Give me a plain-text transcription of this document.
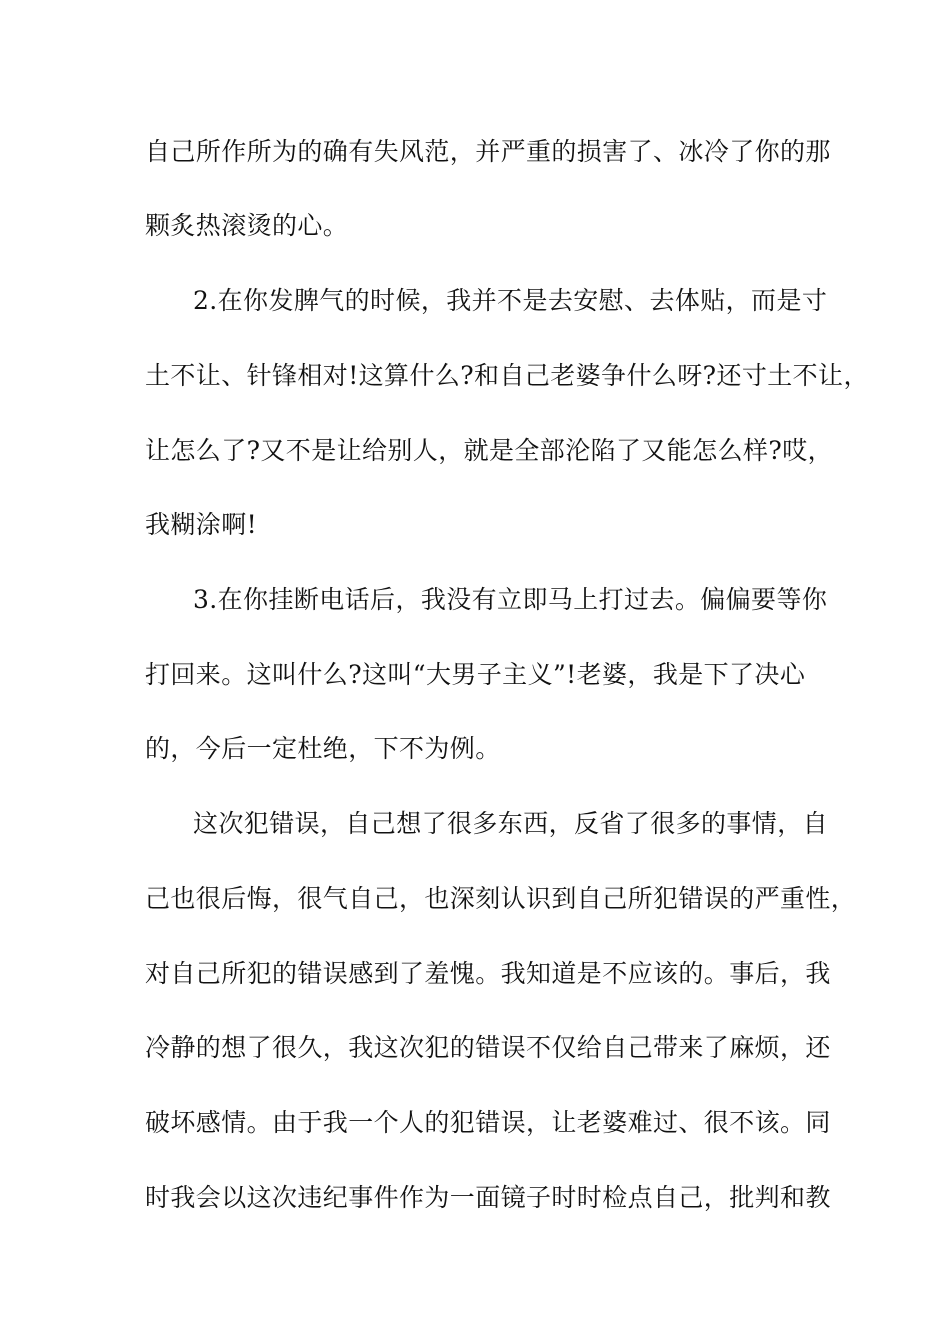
自己所作所为的确有失风范，并严重的损害了、冰冷了你的那
颗炙热滚烫的心。
2.在你发脾气的时候，我并不是去安慰、去体贴，而是寸
土不让、针锋相对!这算什么?和自己老婆争什么呀?还寸土不让，
让怎么了?又不是让给别人，就是全部沦陷了又能怎么样?哎，
我糊涂啊!
3.在你挂断电话后，我没有立即马上打过去。偏偏要等你
打回来。这叫什么?这叫“大男子主义”!老婆，我是下了决心
的，今后一定杜绝，下不为例。
这次犯错误，自己想了很多东西，反省了很多的事情，自
己也很后悔，很气自己，也深刻认识到自己所犯错误的严重性，
对自己所犯的错误感到了羞愧。我知道是不应该的。事后，我
冷静的想了很久，我这次犯的错误不仅给自己带来了麻烦，还
破坏感情。由于我一个人的犯错误，让老婆难过、很不该。同
时我会以这次违纪事件作为一面镜子时时检点自己，批判和教
